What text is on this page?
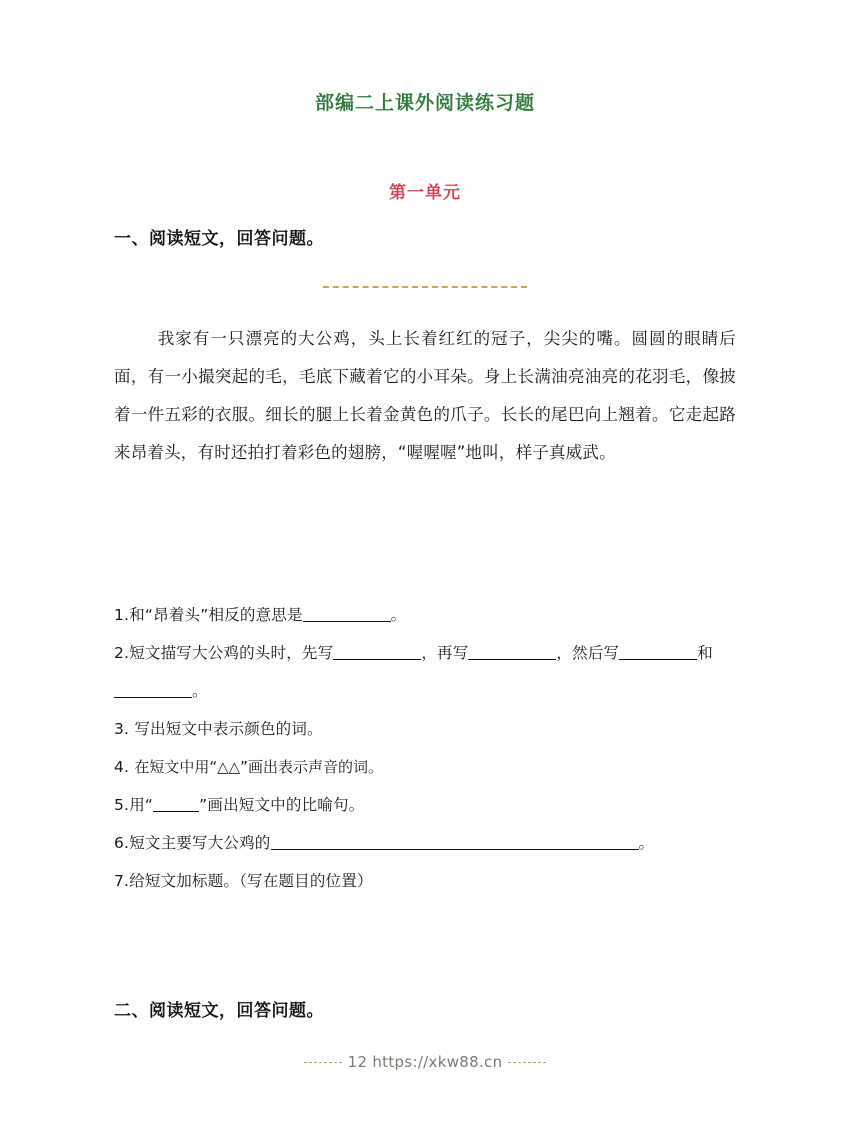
部编二上课外阅读练习题
第一单元
一、阅读短文，回答问题。
我家有一只漂亮的大公鸡，头上长着红红的冠子，尖尖的嘴。圆圆的眼睛后面，有一小撮突起的毛，毛底下藏着它的小耳朵。身上长满油亮油亮的花羽毛，像披着一件五彩的衣服。细长的腿上长着金黄色的爪子。长长的尾巴向上翘着。它走起路来昂着头，有时还拍打着彩色的翅膀，“喔喔喔”地叫，样子真威武。
1.和“昂着头”相反的意思是	。
2.短文描写大公鸡的头时，先写	，再写	，然后写	和。
3. 写出短文中表示颜色的词。
4. 在短文中用“△△”画出表示声音的词。
5.用“	”画出短文中的比喻句。
6.短文主要写大公鸡的	。
7.给短文加标题。（写在题目的位置）
二、阅读短文，回答问题。
12 https://xkw88.cn
